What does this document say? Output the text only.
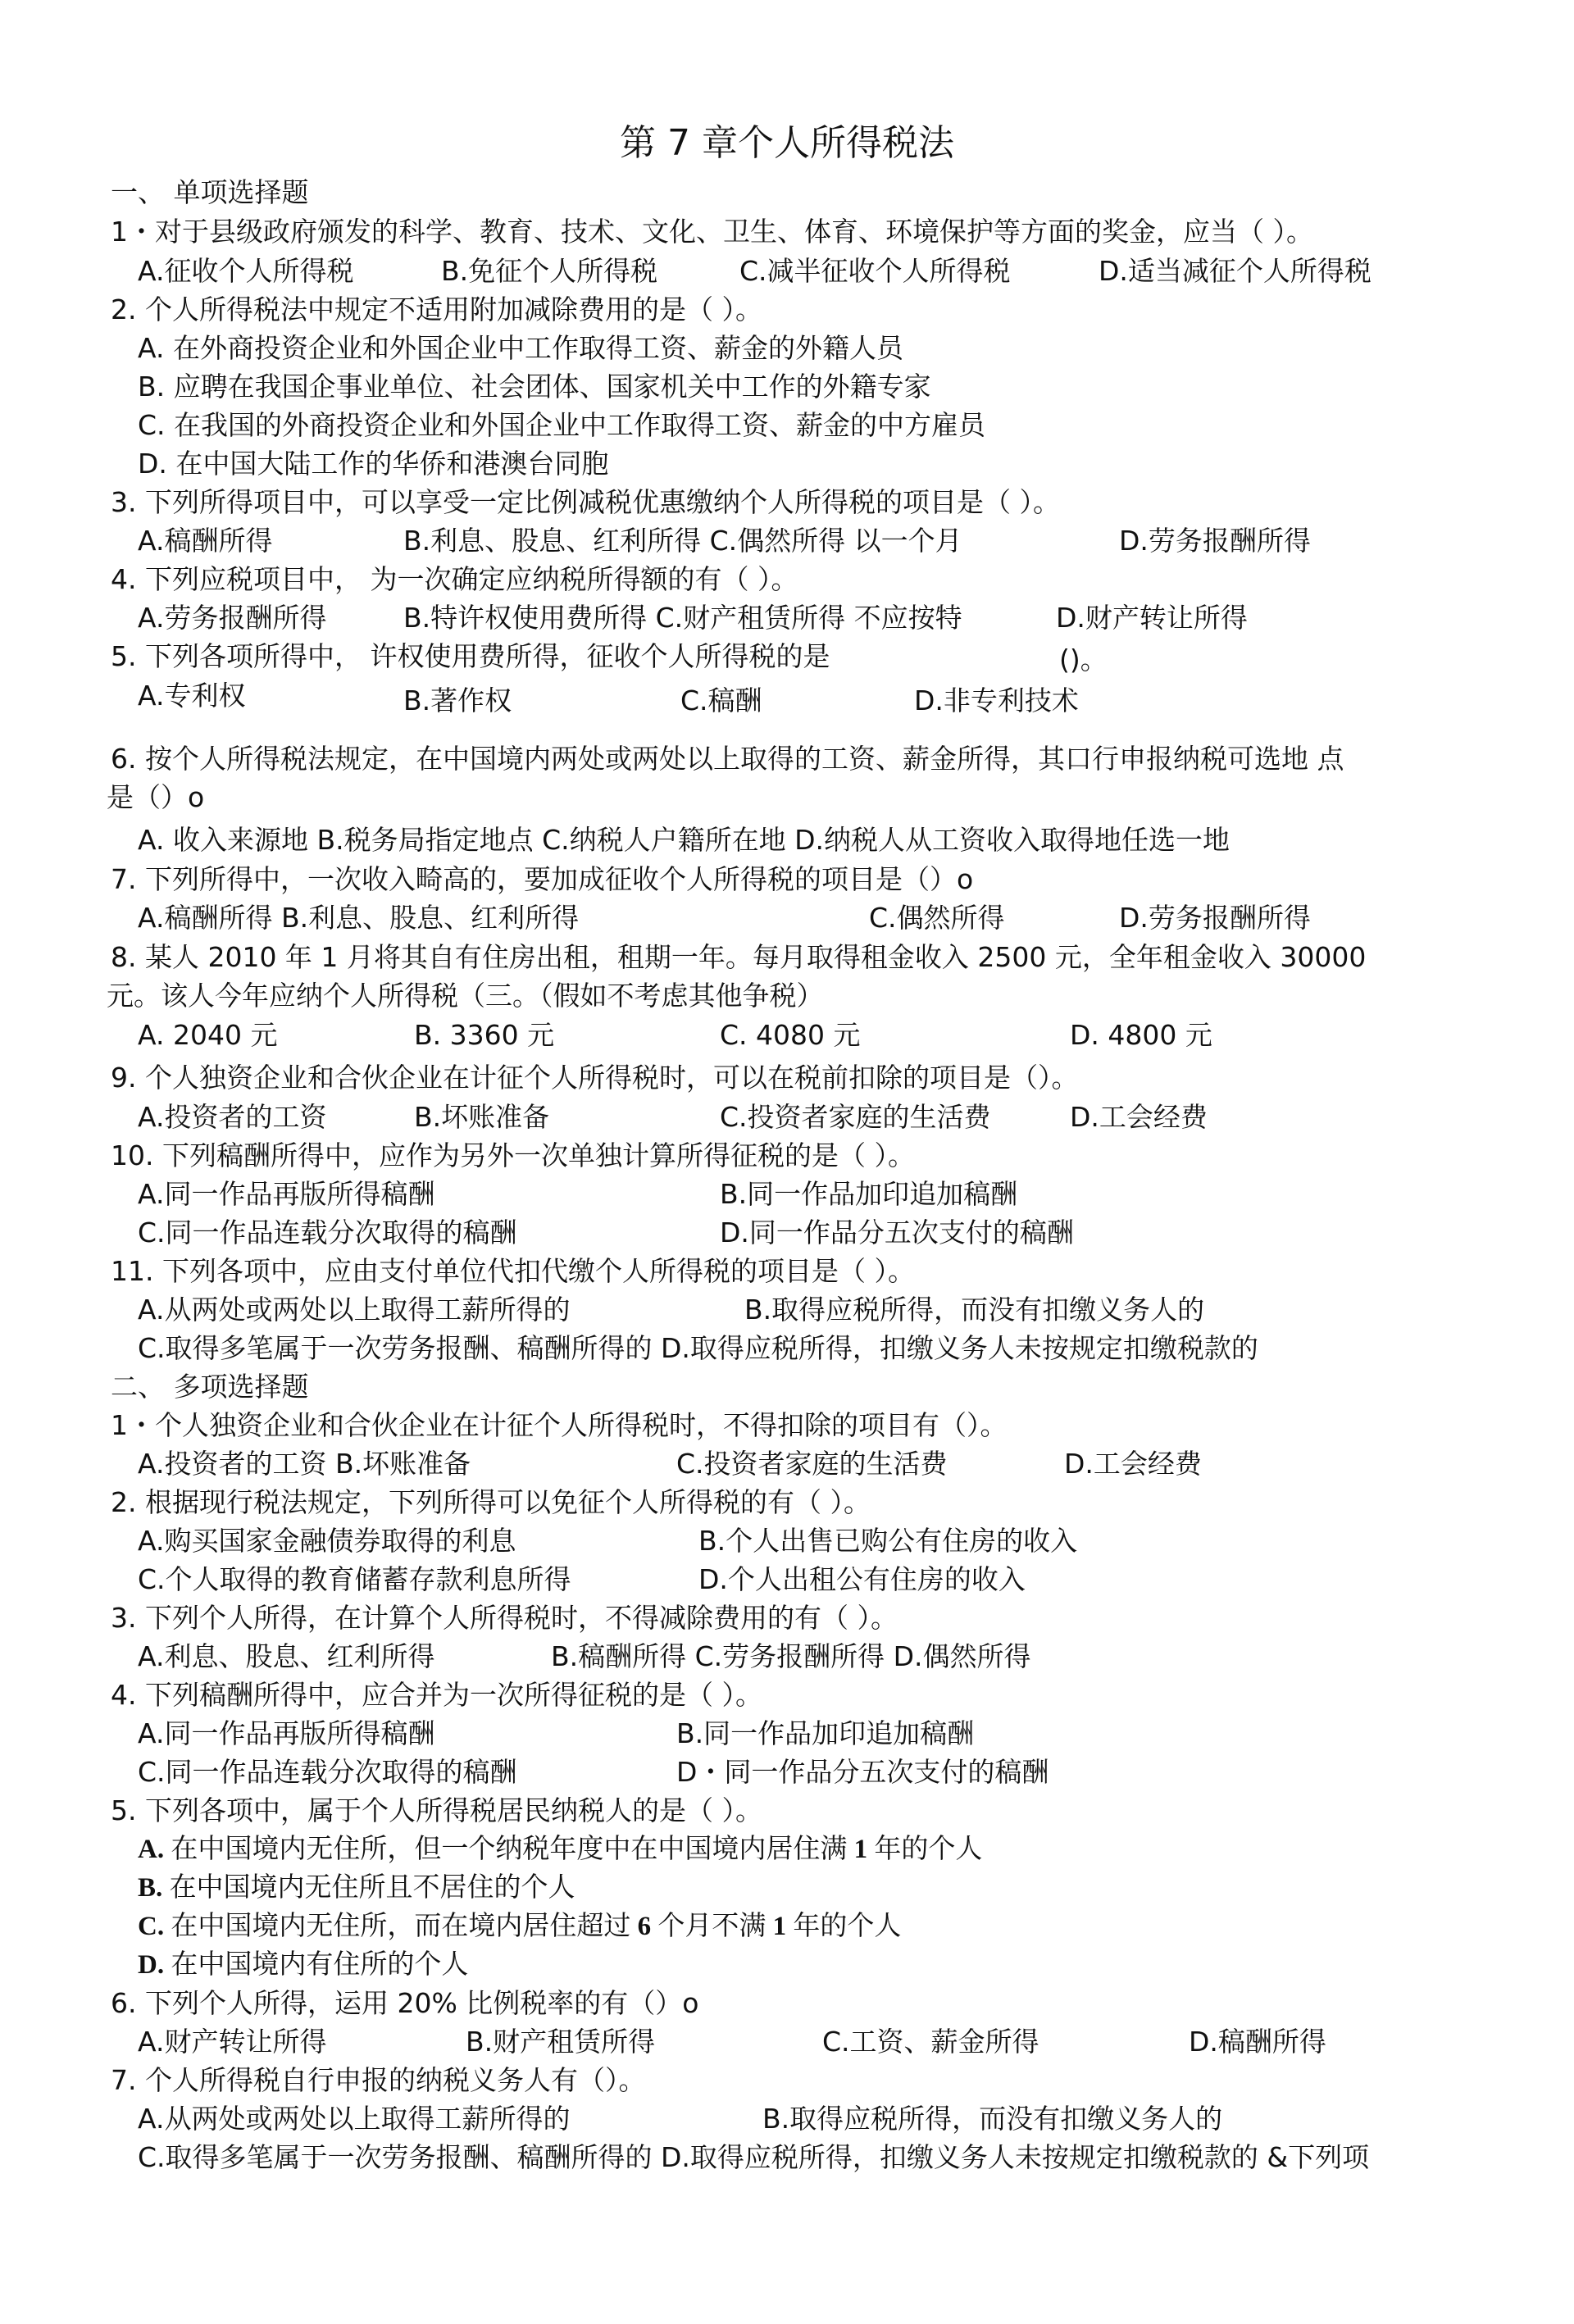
第 7 章个人所得税法
一、 单项选择题
1・对于县级政府颁发的科学、教育、技术、文化、卫生、体育、环境保护等方面的奖金，应当（ ）。
A.征收个人所得税	B.免征个人所得税	C.减半征收个人所得税	D.适当减征个人所得税
2. 个人所得税法中规定不适用附加减除费用的是（ ）。
A. 在外商投资企业和外国企业中工作取得工资、薪金的外籍人员
B. 应聘在我国企事业单位、社会团体、国家机关中工作的外籍专家
C. 在我国的外商投资企业和外国企业中工作取得工资、薪金的中方雇员
D. 在中国大陆工作的华侨和港澳台同胞
3. 下列所得项目中，可以享受一定比例减税优惠缴纳个人所得税的项目是（ ）。
A.稿酬所得	B.利息、股息、红利所得 C.偶然所得 以一个月	D.劳务报酬所得
4. 下列应税项目中， 为一次确定应纳税所得额的有（ ）。
A.劳务报酬所得	B.特许权使用费所得 C.财产租赁所得 不应按特	D.财产转让所得
5. 下列各项所得中， 许权使用费所得，征收个人所得税的是	()。
A.专利权	B.著作权	C.稿酬	D.非专利技术
6. 按个人所得税法规定，在中国境内两处或两处以上取得的工资、薪金所得，其口行申报纳税可选地 点
是（）o
A. 收入来源地 B.税务局指定地点 C.纳税人户籍所在地 D.纳税人从工资收入取得地任选一地
7. 下列所得中，一次收入畸高的，要加成征收个人所得税的项目是（）o
A.稿酬所得 B.利息、股息、红利所得	C.偶然所得	D.劳务报酬所得
8. 某人 2010 年 1 月将其自有住房出租，租期一年。每月取得租金收入 2500 元，全年租金收入 30000
元。该人今年应纳个人所得税（三。（假如不考虑其他争税）
A. 2040 元	B. 3360 元	C. 4080 元	D. 4800 元
9. 个人独资企业和合伙企业在计征个人所得税时，可以在税前扣除的项目是（）。
A.投资者的工资	B.坏账准备	C.投资者家庭的生活费	D.工会经费
10. 下列稿酬所得中，应作为另外一次单独计算所得征税的是（ ）。
A.同一作品再版所得稿酬	B.同一作品加印追加稿酬
C.同一作品连载分次取得的稿酬	D.同一作品分五次支付的稿酬
11. 下列各项中，应由支付单位代扣代缴个人所得税的项目是（ ）。
A.从两处或两处以上取得工薪所得的	B.取得应税所得，而没有扣缴义务人的
C.取得多笔属于一次劳务报酬、稿酬所得的 D.取得应税所得，扣缴义务人未按规定扣缴税款的
二、 多项选择题
1・个人独资企业和合伙企业在计征个人所得税时，不得扣除的项目有（）。
A.投资者的工资 B.坏账准备	C.投资者家庭的生活费	D.工会经费
2. 根据现行税法规定，下列所得可以免征个人所得税的有（ ）。
A.购买国家金融债券取得的利息	B.个人出售已购公有住房的收入
C.个人取得的教育储蓄存款利息所得	D.个人出租公有住房的收入
3. 下列个人所得，在计算个人所得税时，不得减除费用的有（ ）。
A.利息、股息、红利所得	B.稿酬所得 C.劳务报酬所得 D.偶然所得
4. 下列稿酬所得中，应合并为一次所得征税的是（ ）。
A.同一作品再版所得稿酬	B.同一作品加印追加稿酬
C.同一作品连载分次取得的稿酬	D・同一作品分五次支付的稿酬
5. 下列各项中，属于个人所得税居民纳税人的是（ ）。
A. 在中国境内无住所，但一个纳税年度中在中国境内居住满 1 年的个人
B. 在中国境内无住所且不居住的个人
C. 在中国境内无住所，而在境内居住超过 6 个月不满 1 年的个人
D. 在中国境内有住所的个人
6. 下列个人所得，运用 20% 比例税率的有（）o
A.财产转让所得	B.财产租赁所得	C.工资、薪金所得	D.稿酬所得
7. 个人所得税自行申报的纳税义务人有（）。
A.从两处或两处以上取得工薪所得的	B.取得应税所得，而没有扣缴义务人的
C.取得多笔属于一次劳务报酬、稿酬所得的 D.取得应税所得，扣缴义务人未按规定扣缴税款的 &下列项
